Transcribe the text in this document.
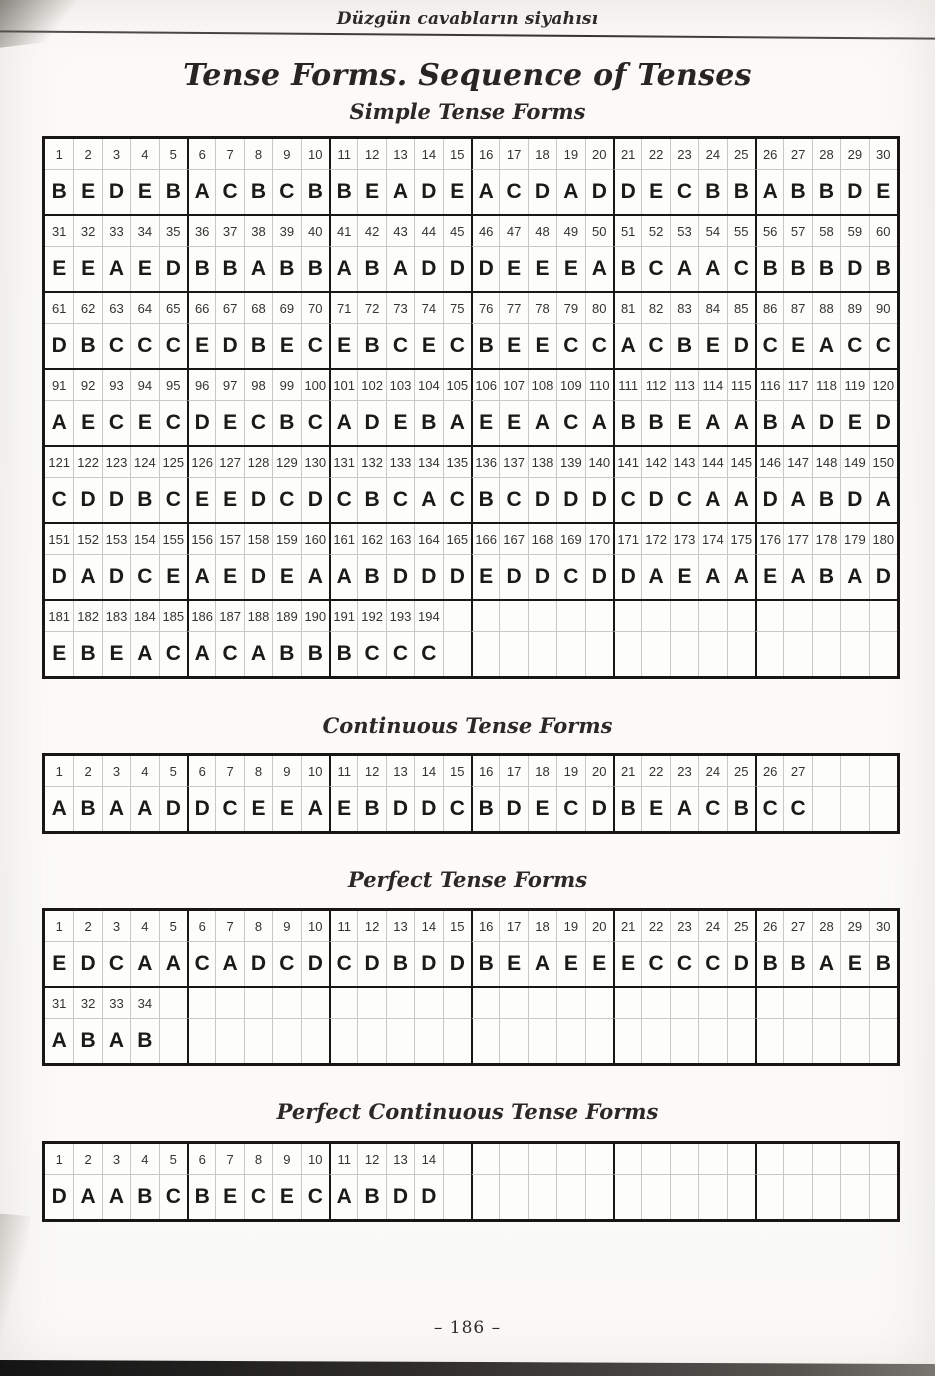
Düzgün cavabların siyahısı
Tense Forms. Sequence of Tenses
Simple Tense Forms
1	2	3	4	5	6	7	8	9	10	11	12	13	14	15	16	17	18	19	20	21	22	23	24	25	26	27	28	29	30
B E D E B A C B C B B E A D E A C D A D D E C B B A B B D E
31	32	33	34	35	36	37	38	39	40	41	42	43	44	45	46	47	48	49	50	51	52	53	54	55	56	57	58	59	60
E E A E D B B A B B A B A D D D E E E A B C A A C B B B D B
61	62	63	64	65	66	67	68	69	70	71	72	73	74	75	76	77	78	79	80	81	82	83	84	85	86	87	88	89	90
D B C C C E D B E C E B C E C B E E C C A C B E D C E A C C
91	92	93	94	95	96	97	98	99 100 101 102 103 104 105 106 107 108 109 110 111 112 113 114 115 116 117 118 119 120
A E C E C D E C B C A D E B A E E A C A B B E A A B A D E D
121 122 123 124 125 126 127 128 129 130 131 132 133 134 135 136 137 138 139 140 141 142 143 144 145 146 147 148 149 150
C D D B C E E D C D C B C A C B C D D D C D C A A D A B D A
151 152 153 154 155 156 157 158 159 160 161 162 163 164 165 166 167 168 169 170 171 172 173 174 175 176 177 178 179 180
D A D C E A E D E A A B D D D E D D C D D A E A A E A B A D
181 182 183 184 185 186 187 188 189 190 191 192 193 194
E B E A C A C A B B B C C C
Continuous Tense Forms
1	2	3	4	5	6	7	8	9	10	11	12	13	14	15	16	17	18	19	20	21	22	23	24	25	26	27
A B A A D D C E E A E B D D C B D E C D B E A C B C C
Perfect Tense Forms
1	2	3	4	5	6	7	8	9	10	11	12	13	14	15	16	17	18	19	20	21	22	23	24	25	26	27	28	29	30
E D C A A C A D C D C D B D D B E A E E E C C C D B B A E B
31	32	33	34
A B A B
Perfect Continuous Tense Forms
1	2	3	4	5	6	7	8	9	10	11	12	13	14
D A A B C B E C E C A B D D
– 186 –
